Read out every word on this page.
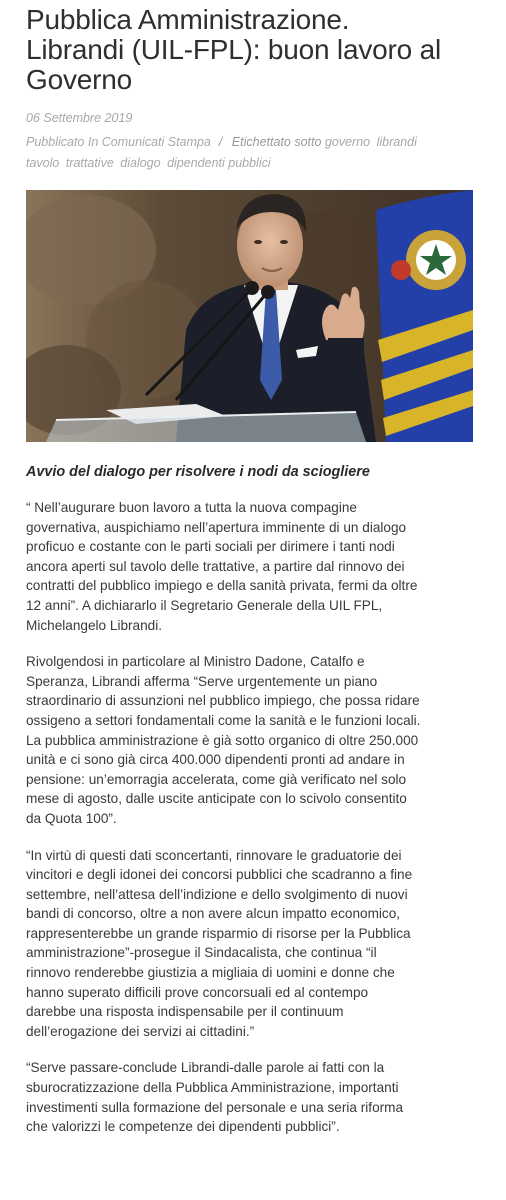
Pubblica Amministrazione.
Librandi (UIL-FPL): buon lavoro al
Governo
06 Settembre 2019
Pubblicato In Comunicati Stampa / Etichettato sotto governo librandi
tavolo trattative dialogo dipendenti pubblici
Avvio del dialogo per risolvere i nodi da sciogliere

“ Nell’augurare buon lavoro a tutta la nuova compagine
governativa, auspichiamo nell’apertura imminente di un dialogo
proficuo e costante con le parti sociali per dirimere i tanti nodi
ancora aperti sul tavolo delle trattative, a partire dal rinnovo dei
contratti del pubblico impiego e della sanità privata, fermi da oltre
12 anni”. A dichiararlo il Segretario Generale della UIL FPL,
Michelangelo Librandi.

Rivolgendosi in particolare al Ministro Dadone, Catalfo e
Speranza, Librandi afferma “Serve urgentemente un piano
straordinario di assunzioni nel pubblico impiego, che possa ridare
ossigeno a settori fondamentali come la sanità e le funzioni locali.
La pubblica amministrazione è già sotto organico di oltre 250.000
unità e ci sono già circa 400.000 dipendenti pronti ad andare in
pensione: un’emorragia accelerata, come già verificato nel solo
mese di agosto, dalle uscite anticipate con lo scivolo consentito
da Quota 100”.

“In virtù di questi dati sconcertanti, rinnovare le graduatorie dei
vincitori e degli idonei dei concorsi pubblici che scadranno a fine
settembre, nell’attesa dell’indizione e dello svolgimento di nuovi
bandi di concorso, oltre a non avere alcun impatto economico,
rappresenterebbe un grande risparmio di risorse per la Pubblica
amministrazione”-prosegue il Sindacalista, che continua “il
rinnovo renderebbe giustizia a migliaia di uomini e donne che
hanno superato difficili prove concorsuali ed al contempo
darebbe una risposta indispensabile per il continuum
dell’erogazione dei servizi ai cittadini.”

“Serve passare-conclude Librandi-dalle parole ai fatti con la
sburocratizzazione della Pubblica Amministrazione, importanti
investimenti sulla formazione del personale e una seria riforma
che valorizzi le competenze dei dipendenti pubblici”.
